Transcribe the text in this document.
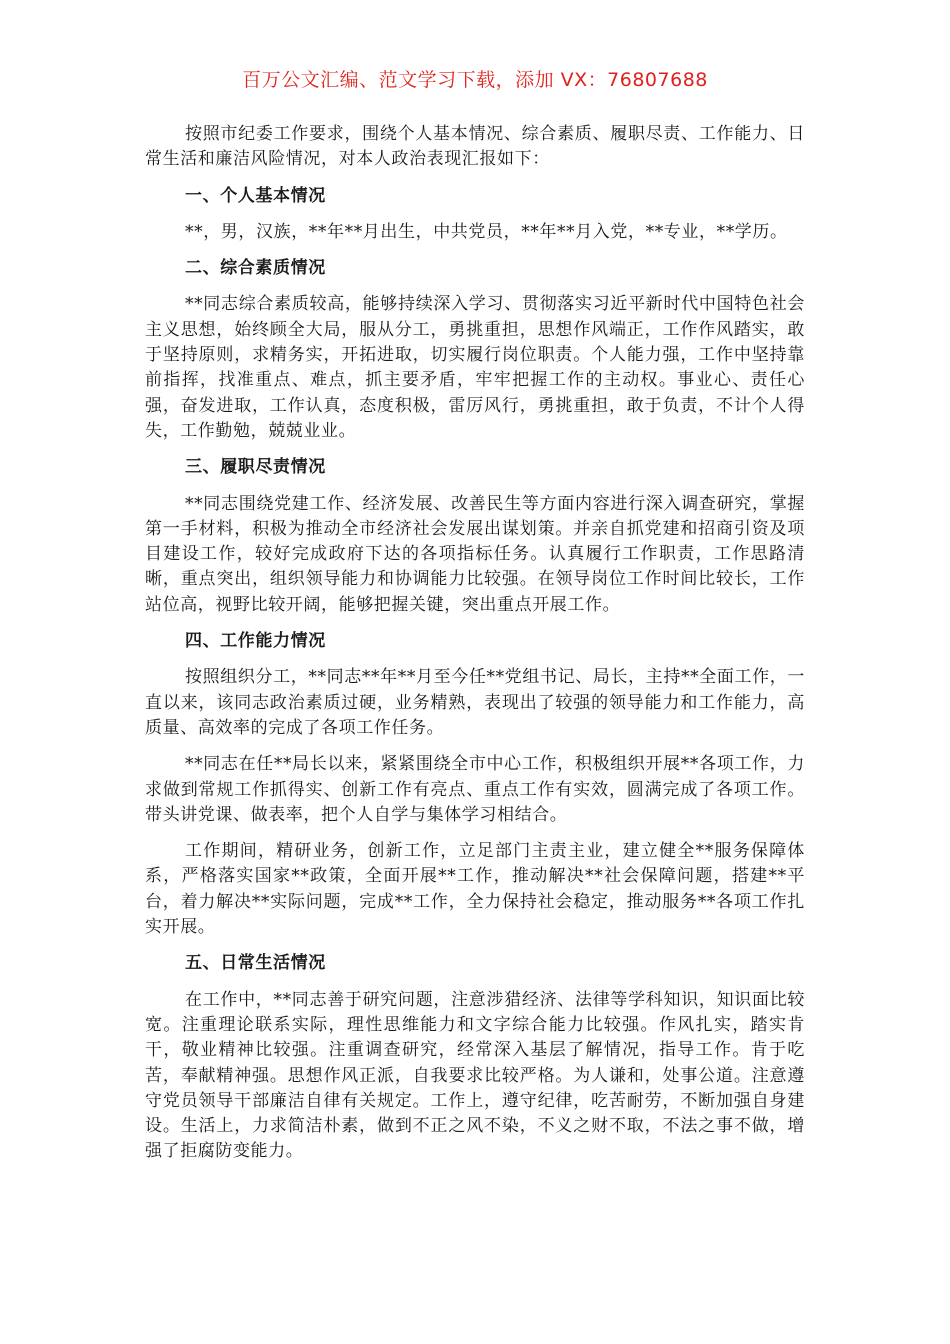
百万公文汇编、范文学习下载，添加 VX：76807688

按照市纪委工作要求，围绕个人基本情况、综合素质、履职尽责、工作能力、日常生活和廉洁风险情况，对本人政治表现汇报如下：

一、个人基本情况

**，男，汉族，**年**月出生，中共党员，**年**月入党，**专业，**学历。

二、综合素质情况

**同志综合素质较高，能够持续深入学习、贯彻落实习近平新时代中国特色社会主义思想，始终顾全大局，服从分工，勇挑重担，思想作风端正，工作作风踏实，敢于坚持原则，求精务实，开拓进取，切实履行岗位职责。个人能力强，工作中坚持靠前指挥，找准重点、难点，抓主要矛盾，牢牢把握工作的主动权。事业心、责任心强，奋发进取，工作认真，态度积极，雷厉风行，勇挑重担，敢于负责，不计个人得失，工作勤勉，兢兢业业。

三、履职尽责情况

**同志围绕党建工作、经济发展、改善民生等方面内容进行深入调查研究，掌握第一手材料，积极为推动全市经济社会发展出谋划策。并亲自抓党建和招商引资及项目建设工作，较好完成政府下达的各项指标任务。认真履行工作职责，工作思路清晰，重点突出，组织领导能力和协调能力比较强。在领导岗位工作时间比较长，工作站位高，视野比较开阔，能够把握关键，突出重点开展工作。

四、工作能力情况

按照组织分工，**同志**年**月至今任**党组书记、局长，主持**全面工作，一直以来，该同志政治素质过硬，业务精熟，表现出了较强的领导能力和工作能力，高质量、高效率的完成了各项工作任务。

**同志在任**局长以来，紧紧围绕全市中心工作，积极组织开展**各项工作，力求做到常规工作抓得实、创新工作有亮点、重点工作有实效，圆满完成了各项工作。带头讲党课、做表率，把个人自学与集体学习相结合。

工作期间，精研业务，创新工作，立足部门主责主业，建立健全**服务保障体系，严格落实国家**政策，全面开展**工作，推动解决**社会保障问题，搭建**平台，着力解决**实际问题，完成**工作，全力保持社会稳定，推动服务**各项工作扎实开展。

五、日常生活情况

在工作中，**同志善于研究问题，注意涉猎经济、法律等学科知识，知识面比较宽。注重理论联系实际，理性思维能力和文字综合能力比较强。作风扎实，踏实肯干，敬业精神比较强。注重调查研究，经常深入基层了解情况，指导工作。肯于吃苦，奉献精神强。思想作风正派，自我要求比较严格。为人谦和，处事公道。注意遵守党员领导干部廉洁自律有关规定。工作上，遵守纪律，吃苦耐劳，不断加强自身建设。生活上，力求简洁朴素，做到不正之风不染，不义之财不取，不法之事不做，增强了拒腐防变能力。
